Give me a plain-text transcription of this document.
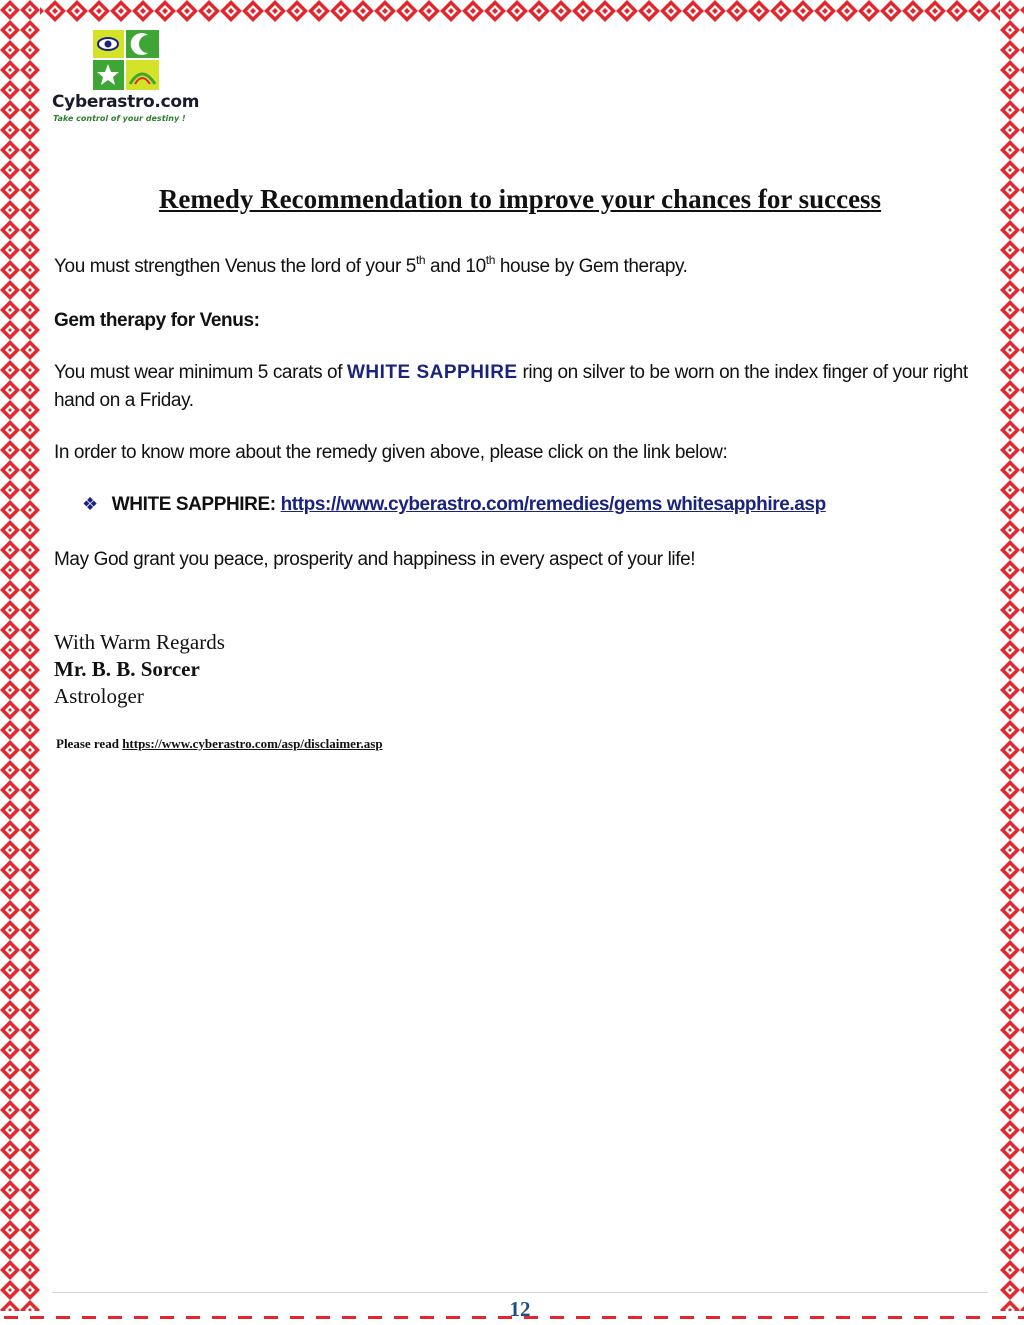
Cyberastro.com
Take control of your destiny !
Remedy Recommendation to improve your chances for success
You must strengthen Venus the lord of your 5th and 10th house by Gem therapy.
Gem therapy for Venus:
You must wear minimum 5 carats of WHITE SAPPHIRE ring on silver to be worn on the index finger of your right hand on a Friday.
In order to know more about the remedy given above, please click on the link below:
❖ WHITE SAPPHIRE: https://www.cyberastro.com/remedies/gems whitesapphire.asp
May God grant you peace, prosperity and happiness in every aspect of your life!
With Warm Regards
Mr. B. B. Sorcer
Astrologer
Please read https://www.cyberastro.com/asp/disclaimer.asp
12
